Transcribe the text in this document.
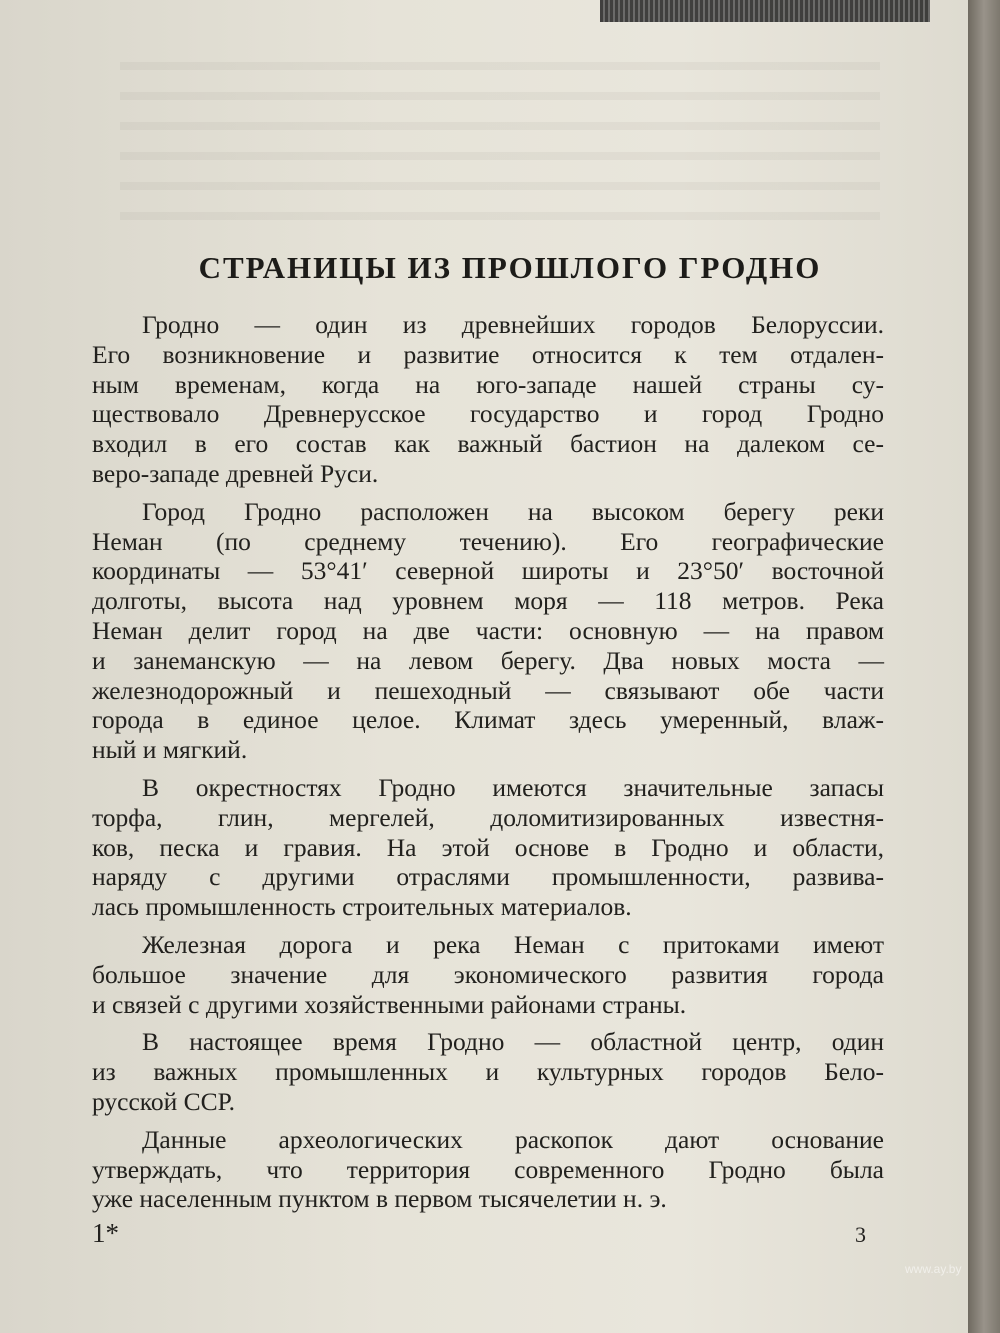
СТРАНИЦЫ ИЗ ПРОШЛОГО ГРОДНО
Гродно — один из древнейших городов Белоруссии.
Его возникновение и развитие относится к тем отдален-
ным временам, когда на юго-западе нашей страны су-
ществовало Древнерусское государство и город Гродно
входил в его состав как важный бастион на далеком се-
веро-западе древней Руси.
Город Гродно расположен на высоком берегу реки
Неман (по среднему течению). Его географические
координаты — 53°41′ северной широты и 23°50′ восточной
долготы, высота над уровнем моря — 118 метров. Река
Неман делит город на две части: основную — на правом
и занеманскую — на левом берегу. Два новых моста —
железнодорожный и пешеходный — связывают обе части
города в единое целое. Климат здесь умеренный, влаж-
ный и мягкий.
В окрестностях Гродно имеются значительные запасы
торфа, глин, мергелей, доломитизированных известня-
ков, песка и гравия. На этой основе в Гродно и области,
наряду с другими отраслями промышленности, развива-
лась промышленность строительных материалов.
Железная дорога и река Неман с притоками имеют
большое значение для экономического развития города
и связей с другими хозяйственными районами страны.
В настоящее время Гродно — областной центр, один
из важных промышленных и культурных городов Бело-
русской ССР.
Данные археологических раскопок дают основание
утверждать, что территория современного Гродно была
уже населенным пунктом в первом тысячелетии н. э.
1*	3
www.ay.by
